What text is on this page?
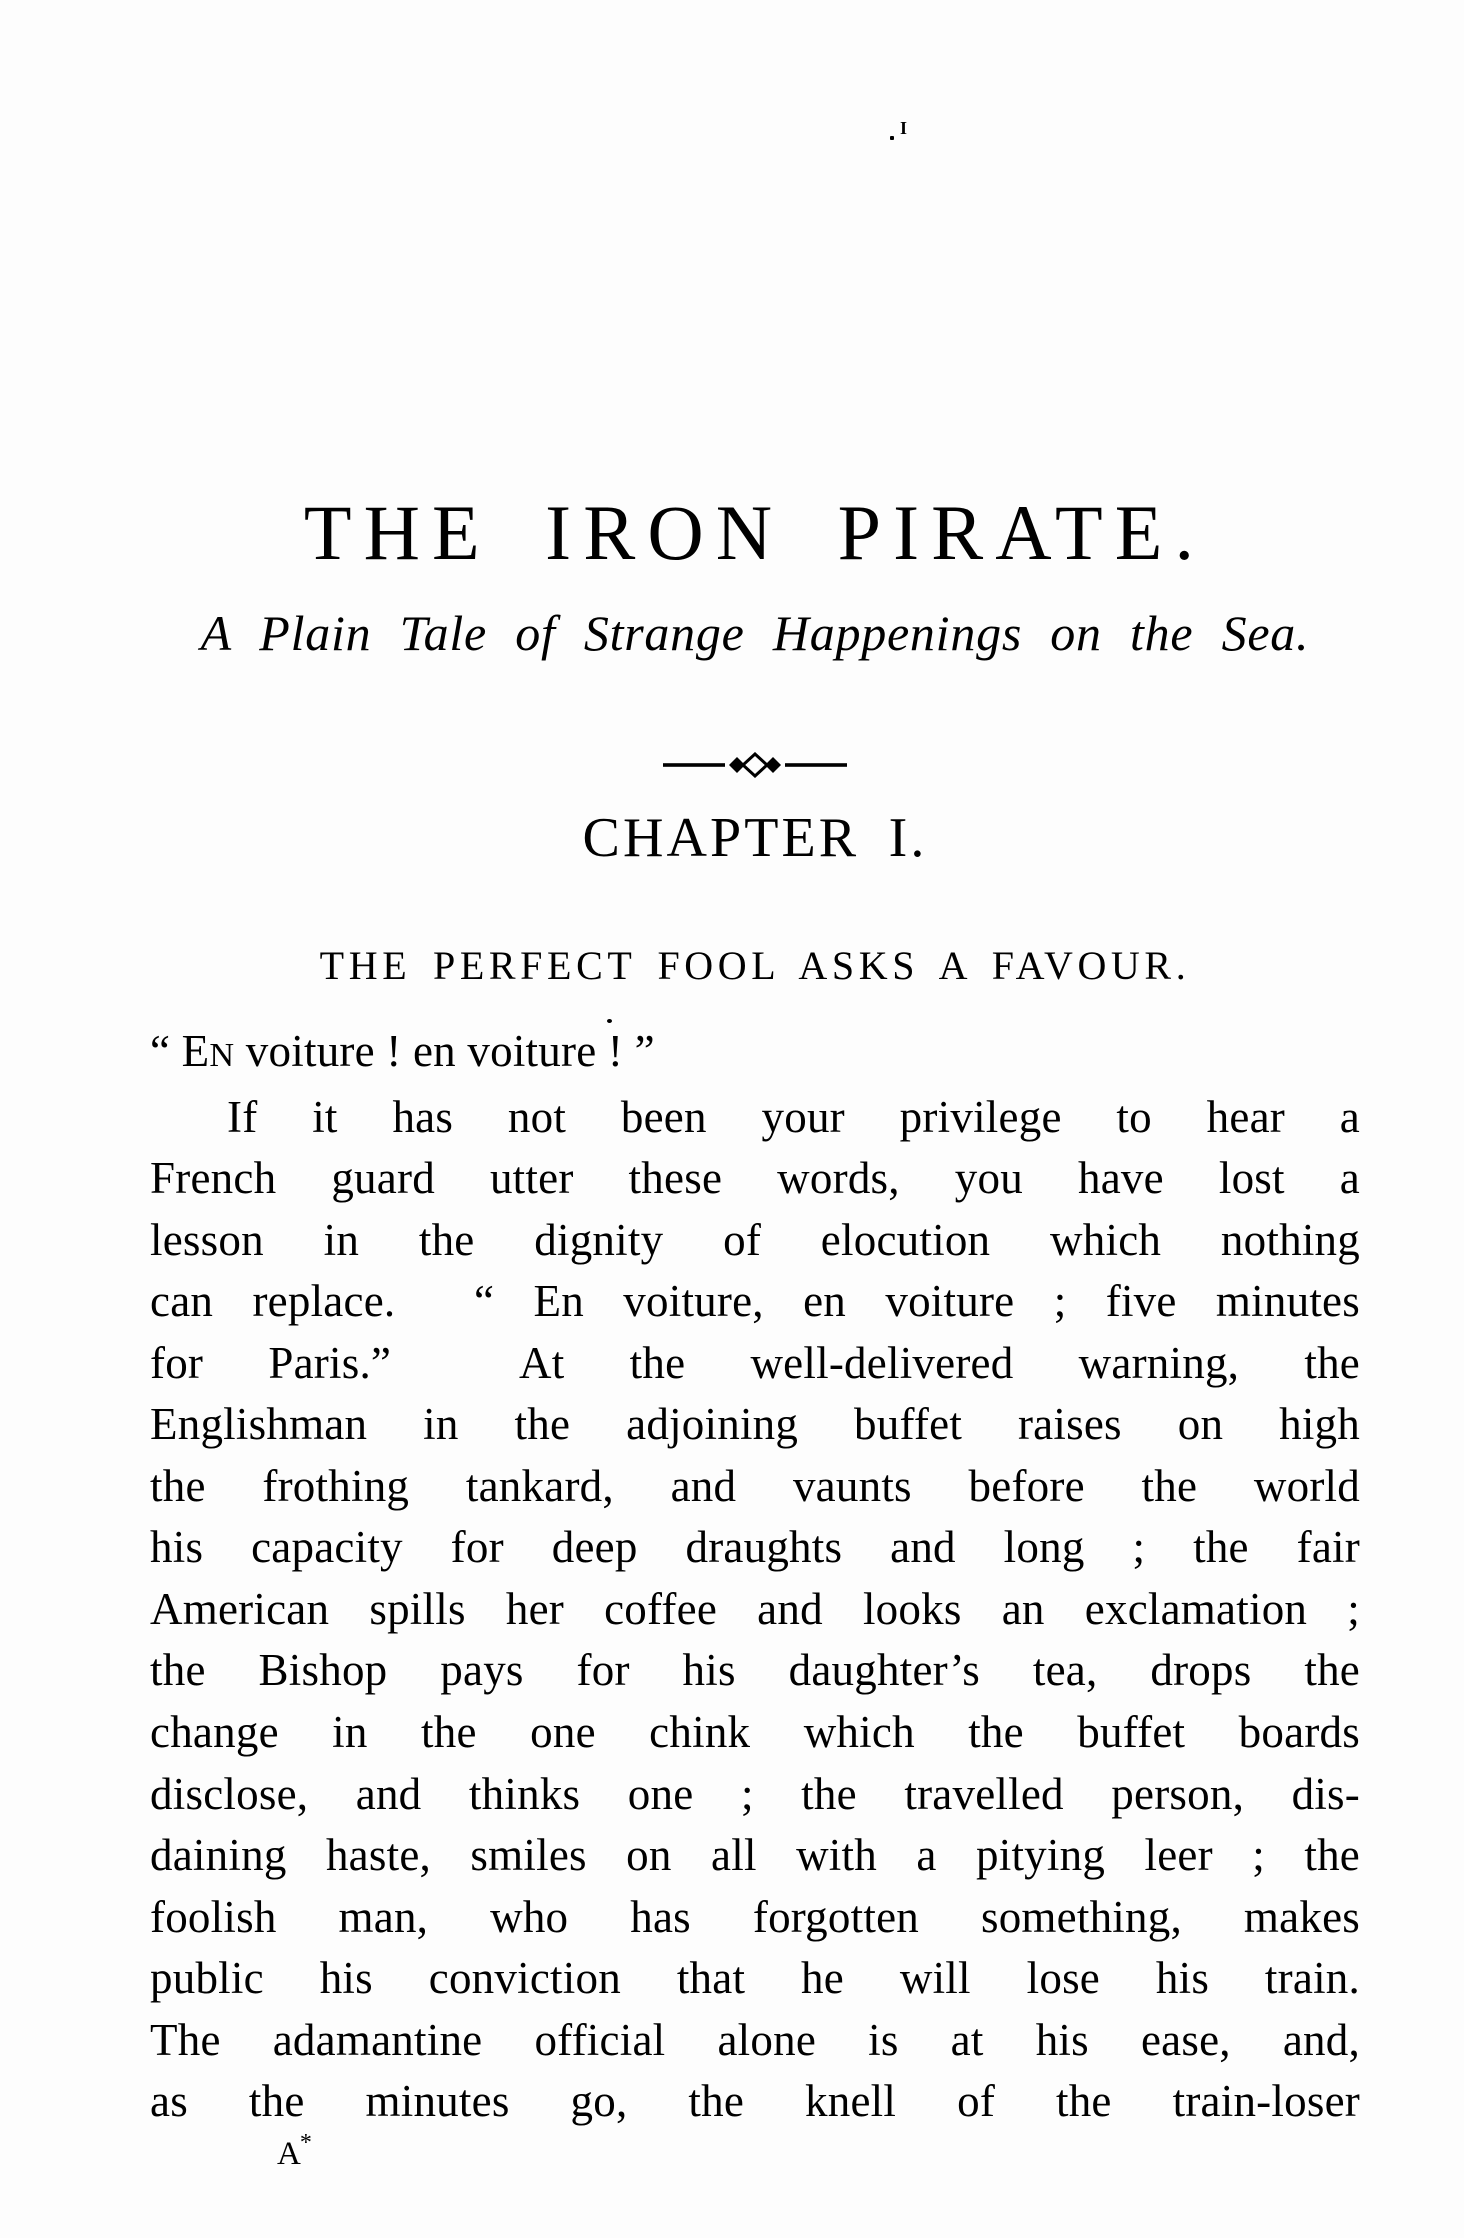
I
THE IRON PIRATE.
A Plain Tale of Strange Happenings on the Sea.
CHAPTER I.
THE PERFECT FOOL ASKS A FAVOUR.
“ EN voiture ! en voiture ! ”
If it has not been your privilege to hear a
French guard utter these words, you have lost a
lesson in the dignity of elocution which nothing
can replace.  “ En voiture, en voiture ; five minutes
for Paris.”  At the well-delivered warning, the
Englishman in the adjoining buffet raises on high
the frothing tankard, and vaunts before the world
his capacity for deep draughts and long ; the fair
American spills her coffee and looks an exclamation ;
the Bishop pays for his daughter’s tea, drops the
change in the one chink which the buffet boards
disclose, and thinks one ; the travelled person, dis-
daining haste, smiles on all with a pitying leer ; the
foolish man, who has forgotten something, makes
public his conviction that he will lose his train.
The adamantine official alone is at his ease, and,
as the minutes go, the knell of the train-loser
A*
